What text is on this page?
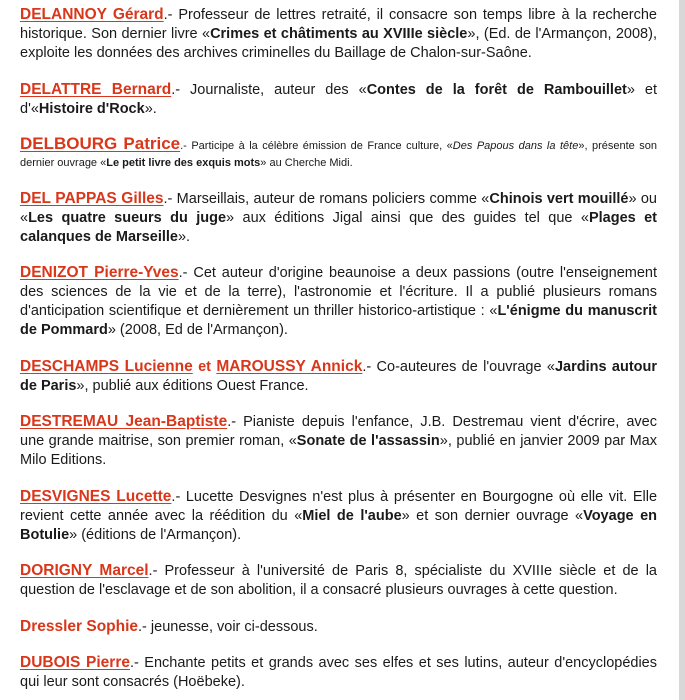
DELANNOY Gérard.- Professeur de lettres retraité, il consacre son temps libre à la recherche historique. Son dernier livre «Crimes et châtiments au XVIIIe siècle», (Ed. de l'Armançon, 2008), exploite les données des archives criminelles du Baillage de Chalon-sur-Saône.

DELATTRE Bernard.- Journaliste, auteur des «Contes de la forêt de Rambouillet» et d'«Histoire d'Rock».

DELBOURG Patrice.- Participe à la célèbre émission de France culture, «Des Papous dans la tête», présente son dernier ouvrage «Le petit livre des exquis mots» au Cherche Midi.

DEL PAPPAS Gilles.- Marseillais, auteur de romans policiers comme «Chinois vert mouillé» ou «Les quatre sueurs du juge» aux éditions Jigal ainsi que des guides tel que «Plages et calanques de Marseille».

DENIZOT Pierre-Yves.- Cet auteur d'origine beaunoise a deux passions (outre l'enseignement des sciences de la vie et de la terre), l'astronomie et l'écriture. Il a publié plusieurs romans d'anticipation scientifique et dernièrement un thriller historico-artistique : «L'énigme du manuscrit de Pommard» (2008, Ed de l'Armançon).

DESCHAMPS Lucienne et MAROUSSY Annick.- Co-auteures de l'ouvrage «Jardins autour de Paris», publié aux éditions Ouest France.

DESTREMAU Jean-Baptiste.- Pianiste depuis l'enfance, J.B. Destremau vient d'écrire, avec une grande maitrise, son premier roman, «Sonate de l'assassin», publié en janvier 2009 par Max Milo Editions.

DESVIGNES Lucette.- Lucette Desvignes n'est plus à présenter en Bourgogne où elle vit. Elle revient cette année avec la réédition du «Miel de l'aube» et son dernier ouvrage «Voyage en Botulie» (éditions de l'Armançon).

DORIGNY Marcel.- Professeur à l'université de Paris 8, spécialiste du XVIIIe siècle et de la question de l'esclavage et de son abolition, il a consacré plusieurs ouvrages à cette question.

Dressler Sophie.- jeunesse, voir ci-dessous.

DUBOIS Pierre.- Enchante petits et grands avec ses elfes et ses lutins, auteur d'encyclopédies qui leur sont consacrés (Hoëbeke).
